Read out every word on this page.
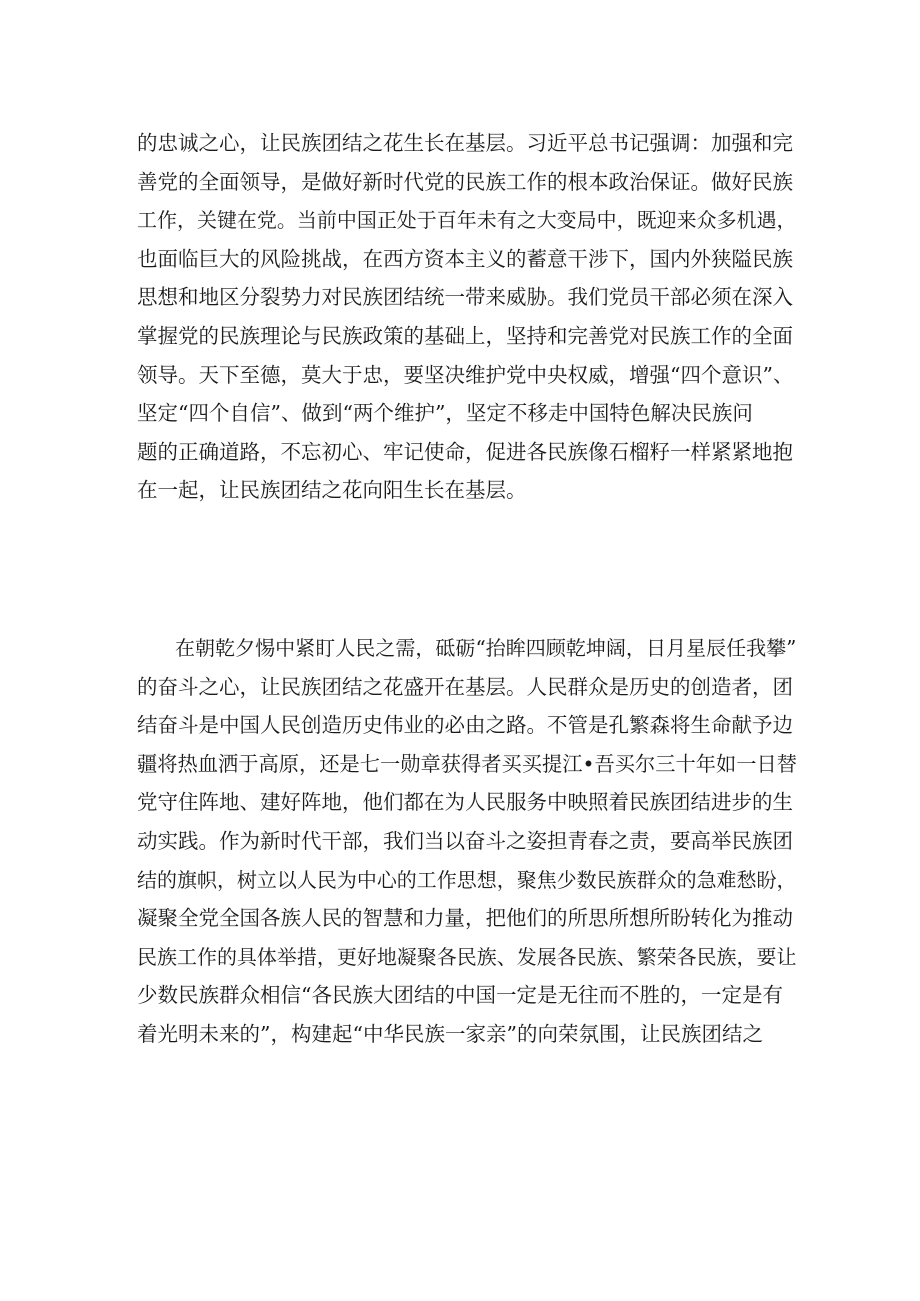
的忠诚之心，让民族团结之花生长在基层。习近平总书记强调：加强和完
善党的全面领导，是做好新时代党的民族工作的根本政治保证。做好民族
工作，关键在党。当前中国正处于百年未有之大变局中，既迎来众多机遇，
也面临巨大的风险挑战，在西方资本主义的蓄意干涉下，国内外狭隘民族
思想和地区分裂势力对民族团结统一带来威胁。我们党员干部必须在深入
掌握党的民族理论与民族政策的基础上，坚持和完善党对民族工作的全面
领导。天下至德，莫大于忠，要坚决维护党中央权威，增强“四个意识”、
坚定“四个自信”、做到“两个维护”，坚定不移走中国特色解决民族问
题的正确道路，不忘初心、牢记使命，促进各民族像石榴籽一样紧紧地抱
在一起，让民族团结之花向阳生长在基层。
在朝乾夕惕中紧盯人民之需，砥砺“抬眸四顾乾坤阔，日月星辰任我攀”
的奋斗之心，让民族团结之花盛开在基层。人民群众是历史的创造者，团
结奋斗是中国人民创造历史伟业的必由之路。不管是孔繁森将生命献予边
疆将热血洒于高原，还是七一勋章获得者买买提江•吾买尔三十年如一日替
党守住阵地、建好阵地，他们都在为人民服务中映照着民族团结进步的生
动实践。作为新时代干部，我们当以奋斗之姿担青春之责，要高举民族团
结的旗帜，树立以人民为中心的工作思想，聚焦少数民族群众的急难愁盼，
凝聚全党全国各族人民的智慧和力量，把他们的所思所想所盼转化为推动
民族工作的具体举措，更好地凝聚各民族、发展各民族、繁荣各民族，要让
少数民族群众相信“各民族大团结的中国一定是无往而不胜的，一定是有
着光明未来的”，构建起“中华民族一家亲”的向荣氛围，让民族团结之
